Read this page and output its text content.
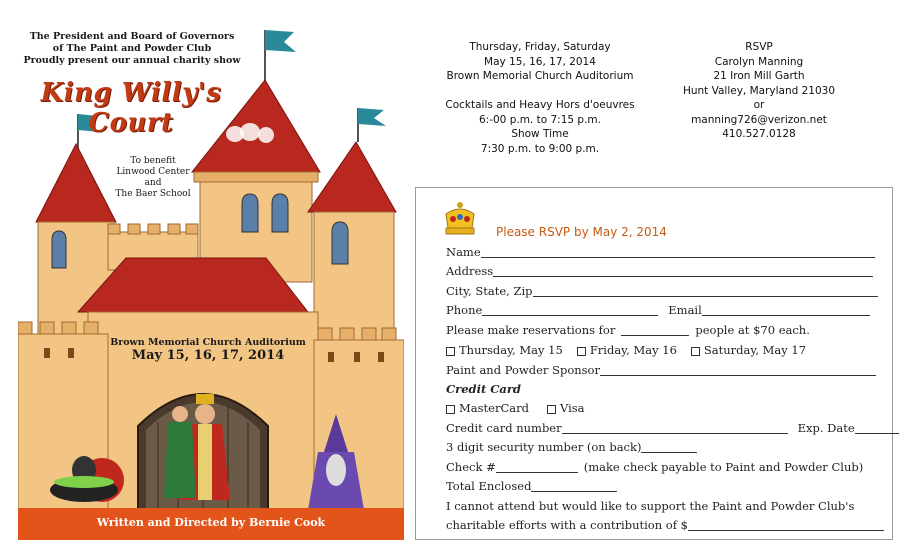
The President and Board of Governors
of The Paint and Powder Club
Proudly present our annual charity show
King Willy's
Court
To benefit
Linwood Center
and
The Baer School
Brown Memorial Church Auditorium
May 15, 16, 17, 2014
Written and Directed by Bernie Cook
Thursday, Friday, Saturday
May 15, 16, 17, 2014
Brown Memorial Church Auditorium
Cocktails and Heavy Hors d'oeuvres
6:-00 p.m. to 7:15 p.m.
Show Time
7:30 p.m. to 9:00 p.m.
RSVP
Carolyn Manning
21 Iron Mill Garth
Hunt Valley, Maryland 21030
or
manning726@verizon.net
410.527.0128
Please RSVP by May 2, 2014
Name
Address
City, State, Zip
Phone	Email
Please make reservations for	people at $70 each.
Thursday, May 15 Friday, May 16 Saturday, May 17
Paint and Powder Sponsor
Credit Card
MasterCard	Visa
Credit card number	Exp. Date
3 digit security number (on back)
Check #	(make check payable to Paint and Powder Club)
Total Enclosed
I cannot attend but would like to support the Paint and Powder Club's
charitable efforts with a contribution of $
